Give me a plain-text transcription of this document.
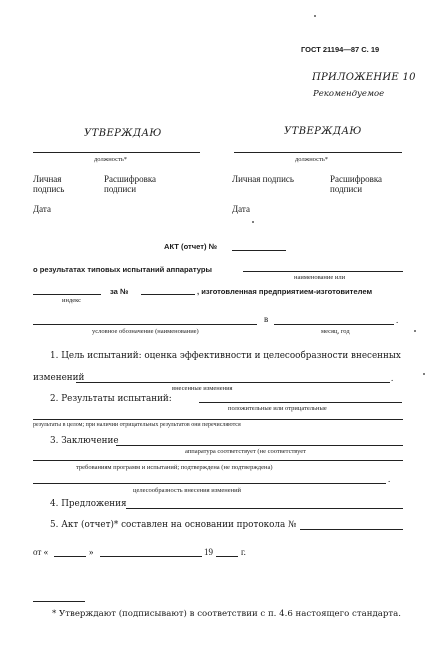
ГОСТ 21194—87 С. 19
ПРИЛОЖЕНИЕ 10
Рекомендуемое
УТВЕРЖДАЮ
должность*
Личная
подпись
Расшифровка
подписи
Дата
УТВЕРЖДАЮ
должность*
Личная подпись	Расшифровка
подписи
Дата
АКТ (отчет) №
о результатах типовых испытаний аппаратуры
наименование или
индекс
за №	, изготовленная предприятием-изготовителем
условное обозначение (наименование)
в	.
месяц, год
1. Цель испытаний: оценка эффективности и целесообразности внесенных
изменений	.
внесенные изменения
2. Результаты испытаний:
положительные или отрицательные
результаты в целом; при наличии отрицательных результатов они перечисляются
3. Заключение
аппаратура соответствует (не соответствует
требованиям программ и испытаний; подтверждена (не подтверждена)
.
целесообразность внесения изменений
4. Предложения
5. Акт (отчет)* составлен на основании протокола №
от «	»	19	г.
* Утверждают (подписывают) в соответствии с п. 4.6 настоящего стандарта.
